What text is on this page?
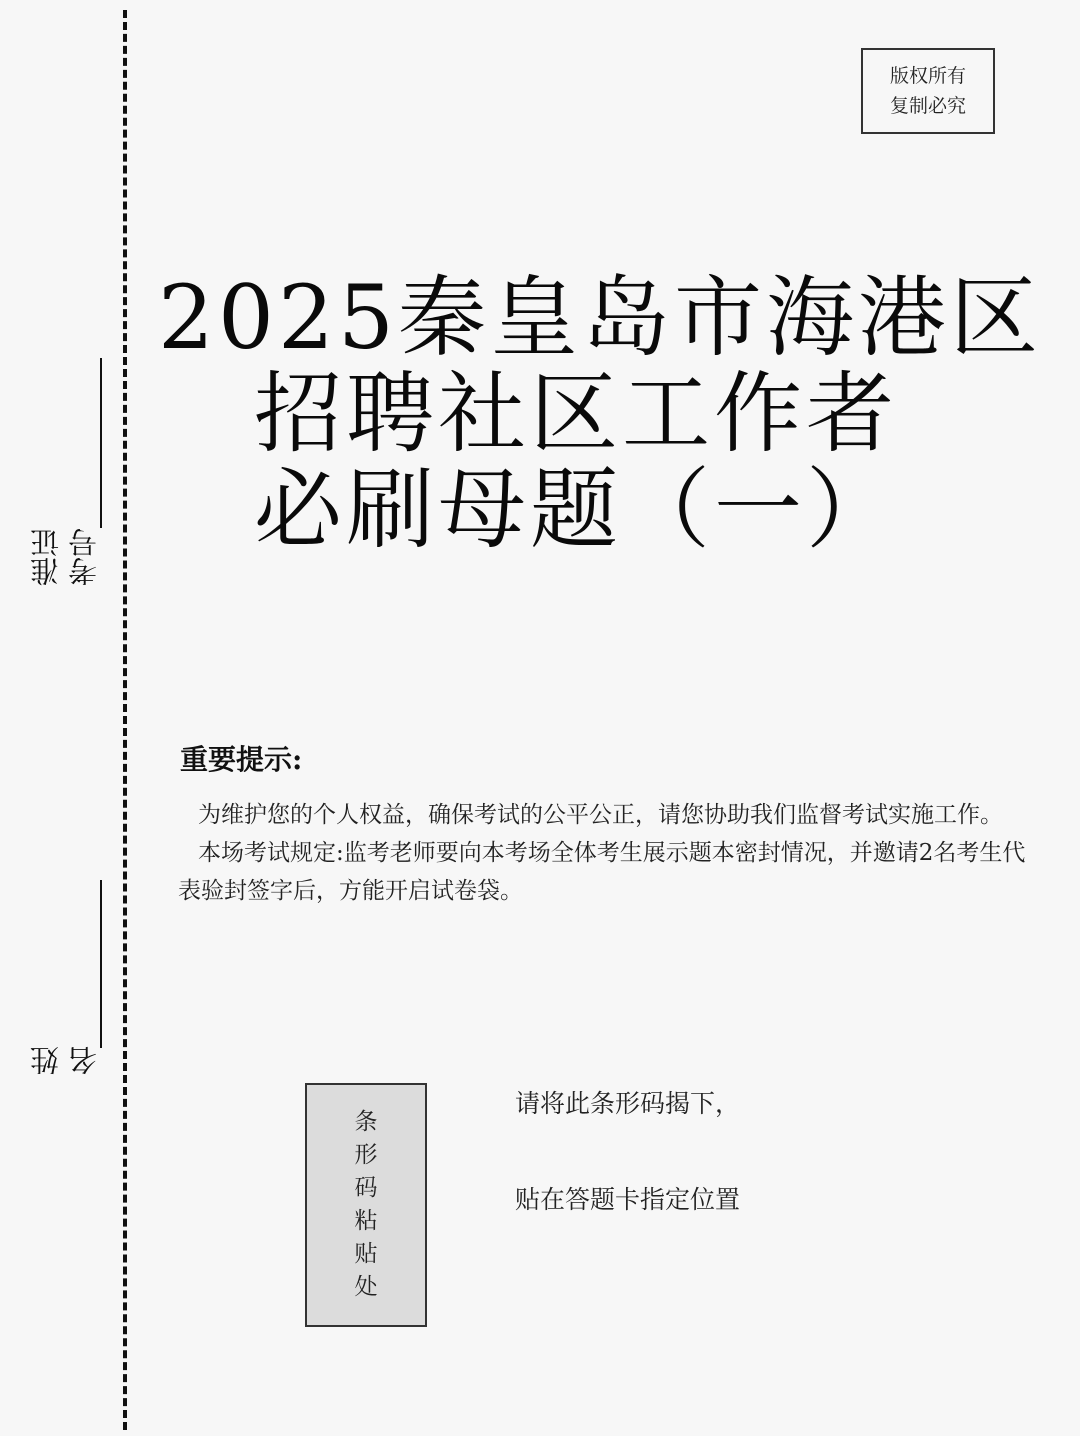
准证 考号
姓 名
版权所有
复制必究
2025秦皇岛市海港区
招聘社区工作者
必刷母题（一）
重要提示:

为维护您的个人权益，确保考试的公平公正，请您协助我们监督考试实施工作。

本场考试规定:监考老师要向本考场全体考生展示题本密封情况，并邀请2名考生代表验封签字后，方能开启试卷袋。

条
形
码
粘
贴
处
请将此条形码揭下，
贴在答题卡指定位置
